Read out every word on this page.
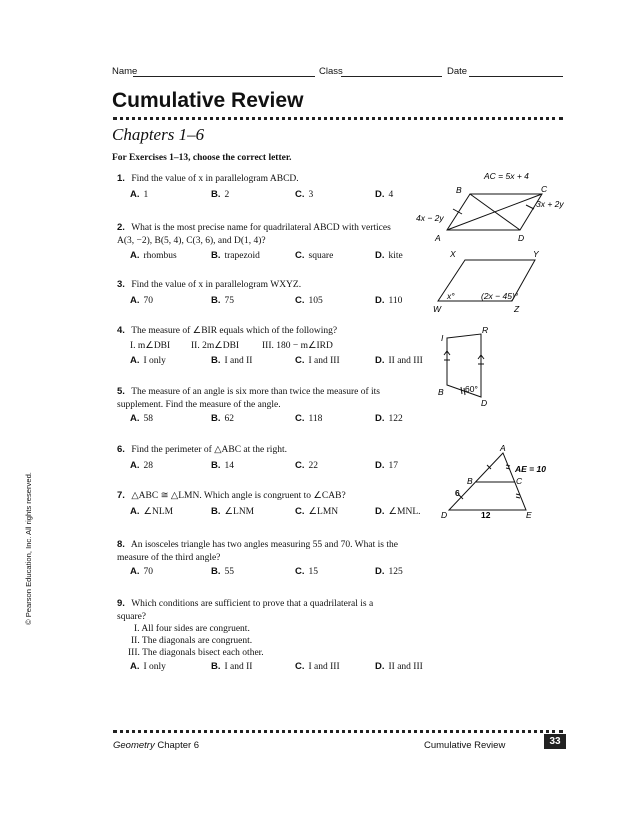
Name	Class	Date
Cumulative Review
Chapters 1–6
For Exercises 1–13, choose the correct letter.
© Pearson Education, Inc. All rights reserved.
1. Find the value of x in parallelogram ABCD.
A. 1	B. 2	C. 3	D. 4
2. What is the most precise name for quadrilateral ABCD with vertices A(3, −2), B(5, 4), C(3, 6), and D(1, 4)?
A. rhombus	B. trapezoid	C. square	D. kite
3. Find the value of x in parallelogram WXYZ.
A. 70	B. 75	C. 105	D. 110
4. The measure of ∠BIR equals which of the following?
I. m∠DBI II. 2m∠DBI III. 180 − m∠IRD
A. I only	B. I and II	C. I and III	D. II and III
5. The measure of an angle is six more than twice the measure of its supplement. Find the measure of the angle.
A. 58	B. 62	C. 118	D. 122
6. Find the perimeter of △ABC at the right.
A. 28	B. 14	C. 22	D. 17
7. △ABC ≅ △LMN. Which angle is congruent to ∠CAB?
A. ∠NLM	B. ∠LNM	C. ∠LMN	D. ∠MNL.
8. An isosceles triangle has two angles measuring 55 and 70. What is the measure of the third angle?
A. 70	B. 55	C. 15	D. 125
9. Which conditions are sufficient to prove that a quadrilateral is a square?
I. All four sides are congruent.
II. The diagonals are congruent.
III. The diagonals bisect each other.
A. I only	B. I and II	C. I and III	D. II and III
AC = 5x + 4
4x − 2y
3x + 2y
B	C
A	D
X	Y
W	Z
x°	(2x − 45)°
I
R
B
D
60°
A
B	C
D	E
AE = 10
6
12
Geometry Chapter 6	Cumulative Review	33
